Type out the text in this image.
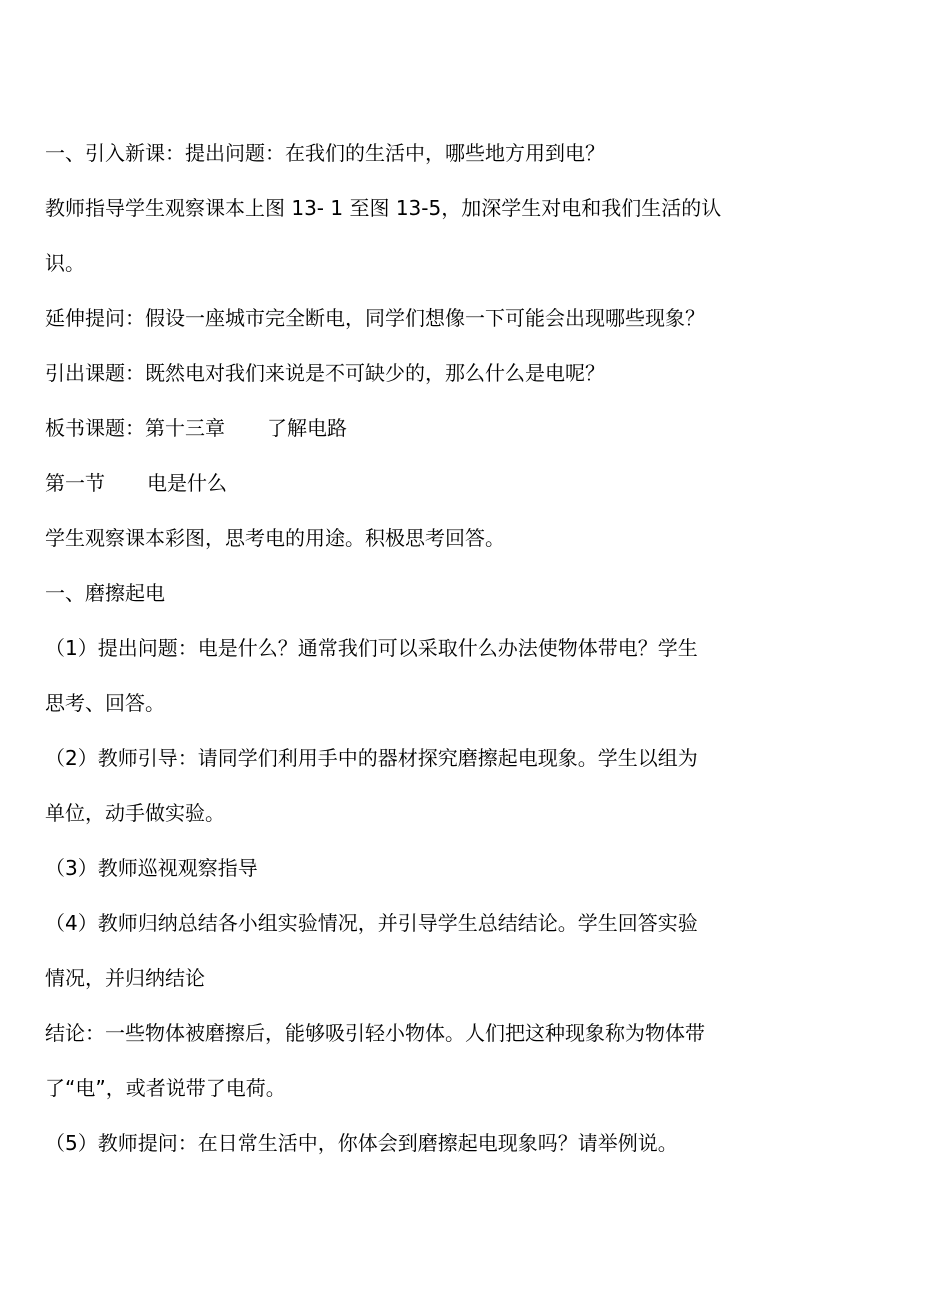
一、引入新课：提出问题：在我们的生活中，哪些地方用到电？
教师指导学生观察课本上图 13- 1 至图 13-5，加深学生对电和我们生活的认
识。
延伸提问：假设一座城市完全断电，同学们想像一下可能会出现哪些现象？
引出课题：既然电对我们来说是不可缺少的，那么什么是电呢？
板书课题：第十三章 了解电路
第一节 电是什么
学生观察课本彩图，思考电的用途。积极思考回答。
一、磨擦起电
（1）提出问题：电是什么？通常我们可以采取什么办法使物体带电？学生
思考、回答。
（2）教师引导：请同学们利用手中的器材探究磨擦起电现象。学生以组为
单位，动手做实验。
（3）教师巡视观察指导
（4）教师归纳总结各小组实验情况，并引导学生总结结论。学生回答实验
情况，并归纳结论
结论：一些物体被磨擦后，能够吸引轻小物体。人们把这种现象称为物体带
了“电”，或者说带了电荷。
（5）教师提问：在日常生活中，你体会到磨擦起电现象吗？请举例说。
